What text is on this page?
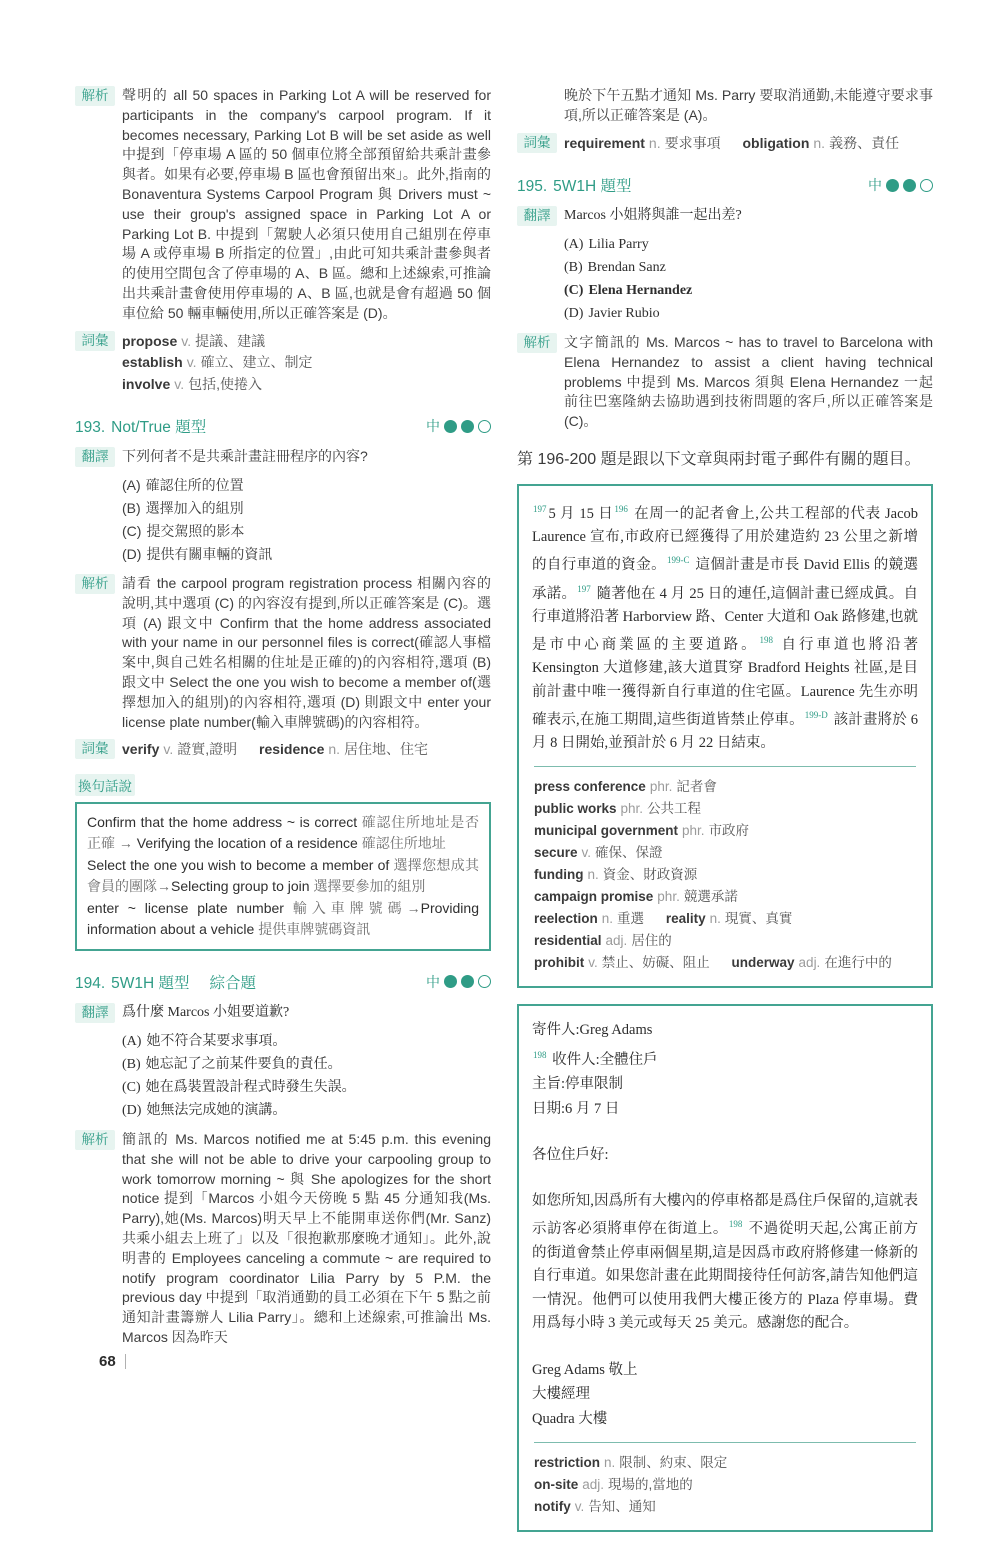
解析 聲明的 all 50 spaces in Parking Lot A will be reserved for participants in the company's carpool program. If it becomes necessary, Parking Lot B will be set aside as well 中提到「停車場 A 區的 50 個車位將全部預留給共乘計畫參與者。如果有必要,停車場 B 區也會預留出來」。此外,指南的 Bonaventura Systems Carpool Program 與 Drivers must ~ use their group's assigned space in Parking Lot A or Parking Lot B. 中提到「駕駛人必須只使用自己組別在停車場 A 或停車場 B 所指定的位置」,由此可知共乘計畫參與者的使用空間包含了停車場的 A、B 區。總和上述線索,可推論出共乘計畫會使用停車場的 A、B 區,也就是會有超過 50 個車位給 50 輛車輛使用,所以正確答案是 (D)。

詞彙 propose v. 提議、建議 establish v. 確立、建立、制定
involve v. 包括,使捲入
193. Not/True 題型	中
翻譯 下列何者不是共乘計畫註冊程序的內容?

(A) 確認住所的位置

(B) 選擇加入的組別

(C) 提交駕照的影本

(D) 提供有關車輛的資訊

解析 請看 the carpool program registration process 相關內容的說明,其中選項 (C) 的內容沒有提到,所以正確答案是 (C)。選項 (A) 跟文中 Confirm that the home address associated with your name in our personnel files is correct(確認人事檔案中,與自己姓名相關的住址是正確的)的內容相符,選項 (B) 跟文中 Select the one you wish to become a member of(選擇想加入的組別)的內容相符,選項 (D) 則跟文中 enter your license plate number(輸入車牌號碼)的內容相符。

詞彙 verify v. 證實,證明 residence n. 居住地、住宅
換句話說

Confirm that the home address ~ is correct 確認住所地址是否正確 → Verifying the location of a residence 確認住所地址

Select the one you wish to become a member of 選擇您想成其會員的團隊→Selecting group to join 選擇要參加的組別

enter ~ license plate number 輸入車牌號碼→Providing information about a vehicle 提供車牌號碼資訊

194. 5W1H 題型 綜合題	中
翻譯 爲什麼 Marcos 小姐要道歉?

(A) 她不符合某要求事項。

(B) 她忘記了之前某件要負的責任。

(C) 她在爲裝置設計程式時發生失誤。

(D) 她無法完成她的演講。

解析 簡訊的 Ms. Marcos notified me at 5:45 p.m. this evening that she will not be able to drive your carpooling group to work tomorrow morning ~ 與 She apologizes for the short notice 提到「Marcos 小姐今天傍晚 5 點 45 分通知我(Ms. Parry),她(Ms. Marcos)明天早上不能開車送你們(Mr. Sanz)共乘小組去上班了」以及「很抱歉那麼晚才通知」。此外,說明書的 Employees canceling a commute ~ are required to notify program coordinator Lilia Parry by 5 P.M. the previous day 中提到「取消通勤的員工必須在下午 5 點之前通知計畫籌辦人 Lilia Parry」。總和上述線索,可推論出 Ms. Marcos 因為昨天

晚於下午五點才通知 Ms. Parry 要取消通勤,未能遵守要求事項,所以正確答案是 (A)。

詞彙 requirement n. 要求事項 obligation n. 義務、責任
195. 5W1H 題型	中
翻譯 Marcos 小姐將與誰一起出差?

(A) Lilia Parry

(B) Brendan Sanz

(C) Elena Hernandez

(D) Javier Rubio

解析 文字簡訊的 Ms. Marcos ~ has to travel to Barcelona with Elena Hernandez to assist a client having technical problems 中提到 Ms. Marcos 須與 Elena Hernandez 一起前往巴塞隆納去協助遇到技術問題的客戶,所以正確答案是 (C)。

第 196-200 題是跟以下文章與兩封電子郵件有關的題目。

$^{197}$ 5 月 15 日$^{196}$ 在周一的記者會上,公共工程部的代表 Jacob Laurence 宣布,市政府已經獲得了用於建造約 23 公里之新增的自行車道的資金。$^{199-C}$ 這個計畫是市長 David Ellis 的競選承諾。$^{197}$ 隨著他在 4 月 25 日的連任,這個計畫已經成眞。自行車道將沿著 Harborview 路、Center 大道和 Oak 路修建,也就是市中心商業區的主要道路。$^{198}$ 自行車道也將沿著 Kensington 大道修建,該大道貫穿 Bradford Heights 社區,是目前計畫中唯一獲得新自行車道的住宅區。Laurence 先生亦明確表示,在施工期間,這些街道皆禁止停車。$^{199-D}$ 該計畫將於 6 月 8 日開始,並預計於 6 月 22 日結束。

press conference phr. 記者會 public works phr. 公共工程
municipal government phr. 市政府 secure v. 確保、保證
funding n. 資金、財政資源 campaign promise phr. 競選承諾
reelection n. 重選 reality n. 現實、真實 residential adj. 居住的
prohibit v. 禁止、妨礙、阻止 underway adj. 在進行中的

寄件人:Greg Adams

$^{198}$ 收件人:全體住戶

主旨:停車限制

日期:6 月 7 日

各位住戶好:

如您所知,因爲所有大樓內的停車格都是爲住戶保留的,這就表示訪客必須將車停在街道上。$^{198}$ 不過從明天起,公寓正前方的街道會禁止停車兩個星期,這是因爲市政府將修建一條新的自行車道。如果您計畫在此期間接待任何訪客,請告知他們這一情況。他們可以使用我們大樓正後方的 Plaza 停車場。費用爲每小時 3 美元或每天 25 美元。感謝您的配合。

Greg Adams 敬上

大樓經理

Quadra 大樓

restriction n. 限制、約束、限定 on-site adj. 現場的,當地的
notify v. 告知、通知
68
